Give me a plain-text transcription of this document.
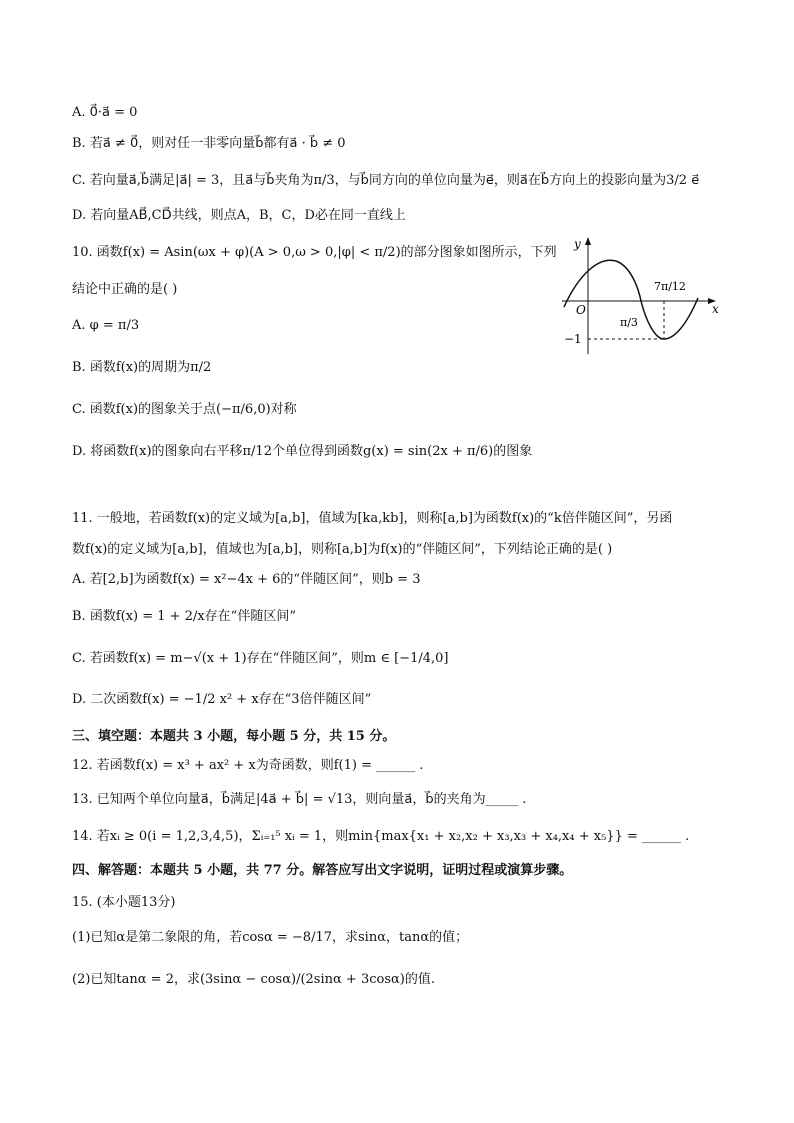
A. 0⃗·a⃗ = 0
B. 若a⃗ ≠ 0⃗，则对任一非零向量b⃗都有a⃗ · b⃗ ≠ 0
C. 若向量a⃗,b⃗满足|a⃗| = 3，且a⃗与b⃗夹角为π/3，与b⃗同方向的单位向量为e⃗，则a⃗在b⃗方向上的投影向量为3/2 e⃗
D. 若向量AB⃗,CD⃗共线，则点A，B，C，D必在同一直线上
10. 函数f(x) = Asin(ωx + φ)(A > 0,ω > 0,|φ| < π/2)的部分图象如图所示，下列
结论中正确的是( )
A. φ = π/3
B. 函数f(x)的周期为π/2
C. 函数f(x)的图象关于点(−π/6,0)对称
D. 将函数f(x)的图象向右平移π/12个单位得到函数g(x) = sin(2x + π/6)的图象
y
x
O
π/3
7π/12
−1
11. 一般地，若函数f(x)的定义域为[a,b]，值域为[ka,kb]，则称[a,b]为函数f(x)的“k倍伴随区间”，另函
数f(x)的定义域为[a,b]，值域也为[a,b]，则称[a,b]为f(x)的“伴随区间”，下列结论正确的是( )
A. 若[2,b]为函数f(x) = x²−4x + 6的“伴随区间”，则b = 3
B. 函数f(x) = 1 + 2/x存在“伴随区间”
C. 若函数f(x) = m−√(x + 1)存在“伴随区间”，则m ∈ [−1/4,0]
D. 二次函数f(x) = −1/2 x² + x存在“3倍伴随区间”
三、填空题：本题共 3 小题，每小题 5 分，共 15 分。
12. 若函数f(x) = x³ + ax² + x为奇函数，则f(1) = ______ .
13. 已知两个单位向量a⃗，b⃗满足|4a⃗ + b⃗| = √13，则向量a⃗，b⃗的夹角为_____ .
14. 若xᵢ ≥ 0(i = 1,2,3,4,5)，Σᵢ₌₁⁵ xᵢ = 1，则min{max{x₁ + x₂,x₂ + x₃,x₃ + x₄,x₄ + x₅}} = ______ .
四、解答题：本题共 5 小题，共 77 分。解答应写出文字说明，证明过程或演算步骤。
15. (本小题13分)
(1)已知α是第二象限的角，若cosα = −8/17，求sinα，tanα的值；
(2)已知tanα = 2，求(3sinα − cosα)/(2sinα + 3cosα)的值.
